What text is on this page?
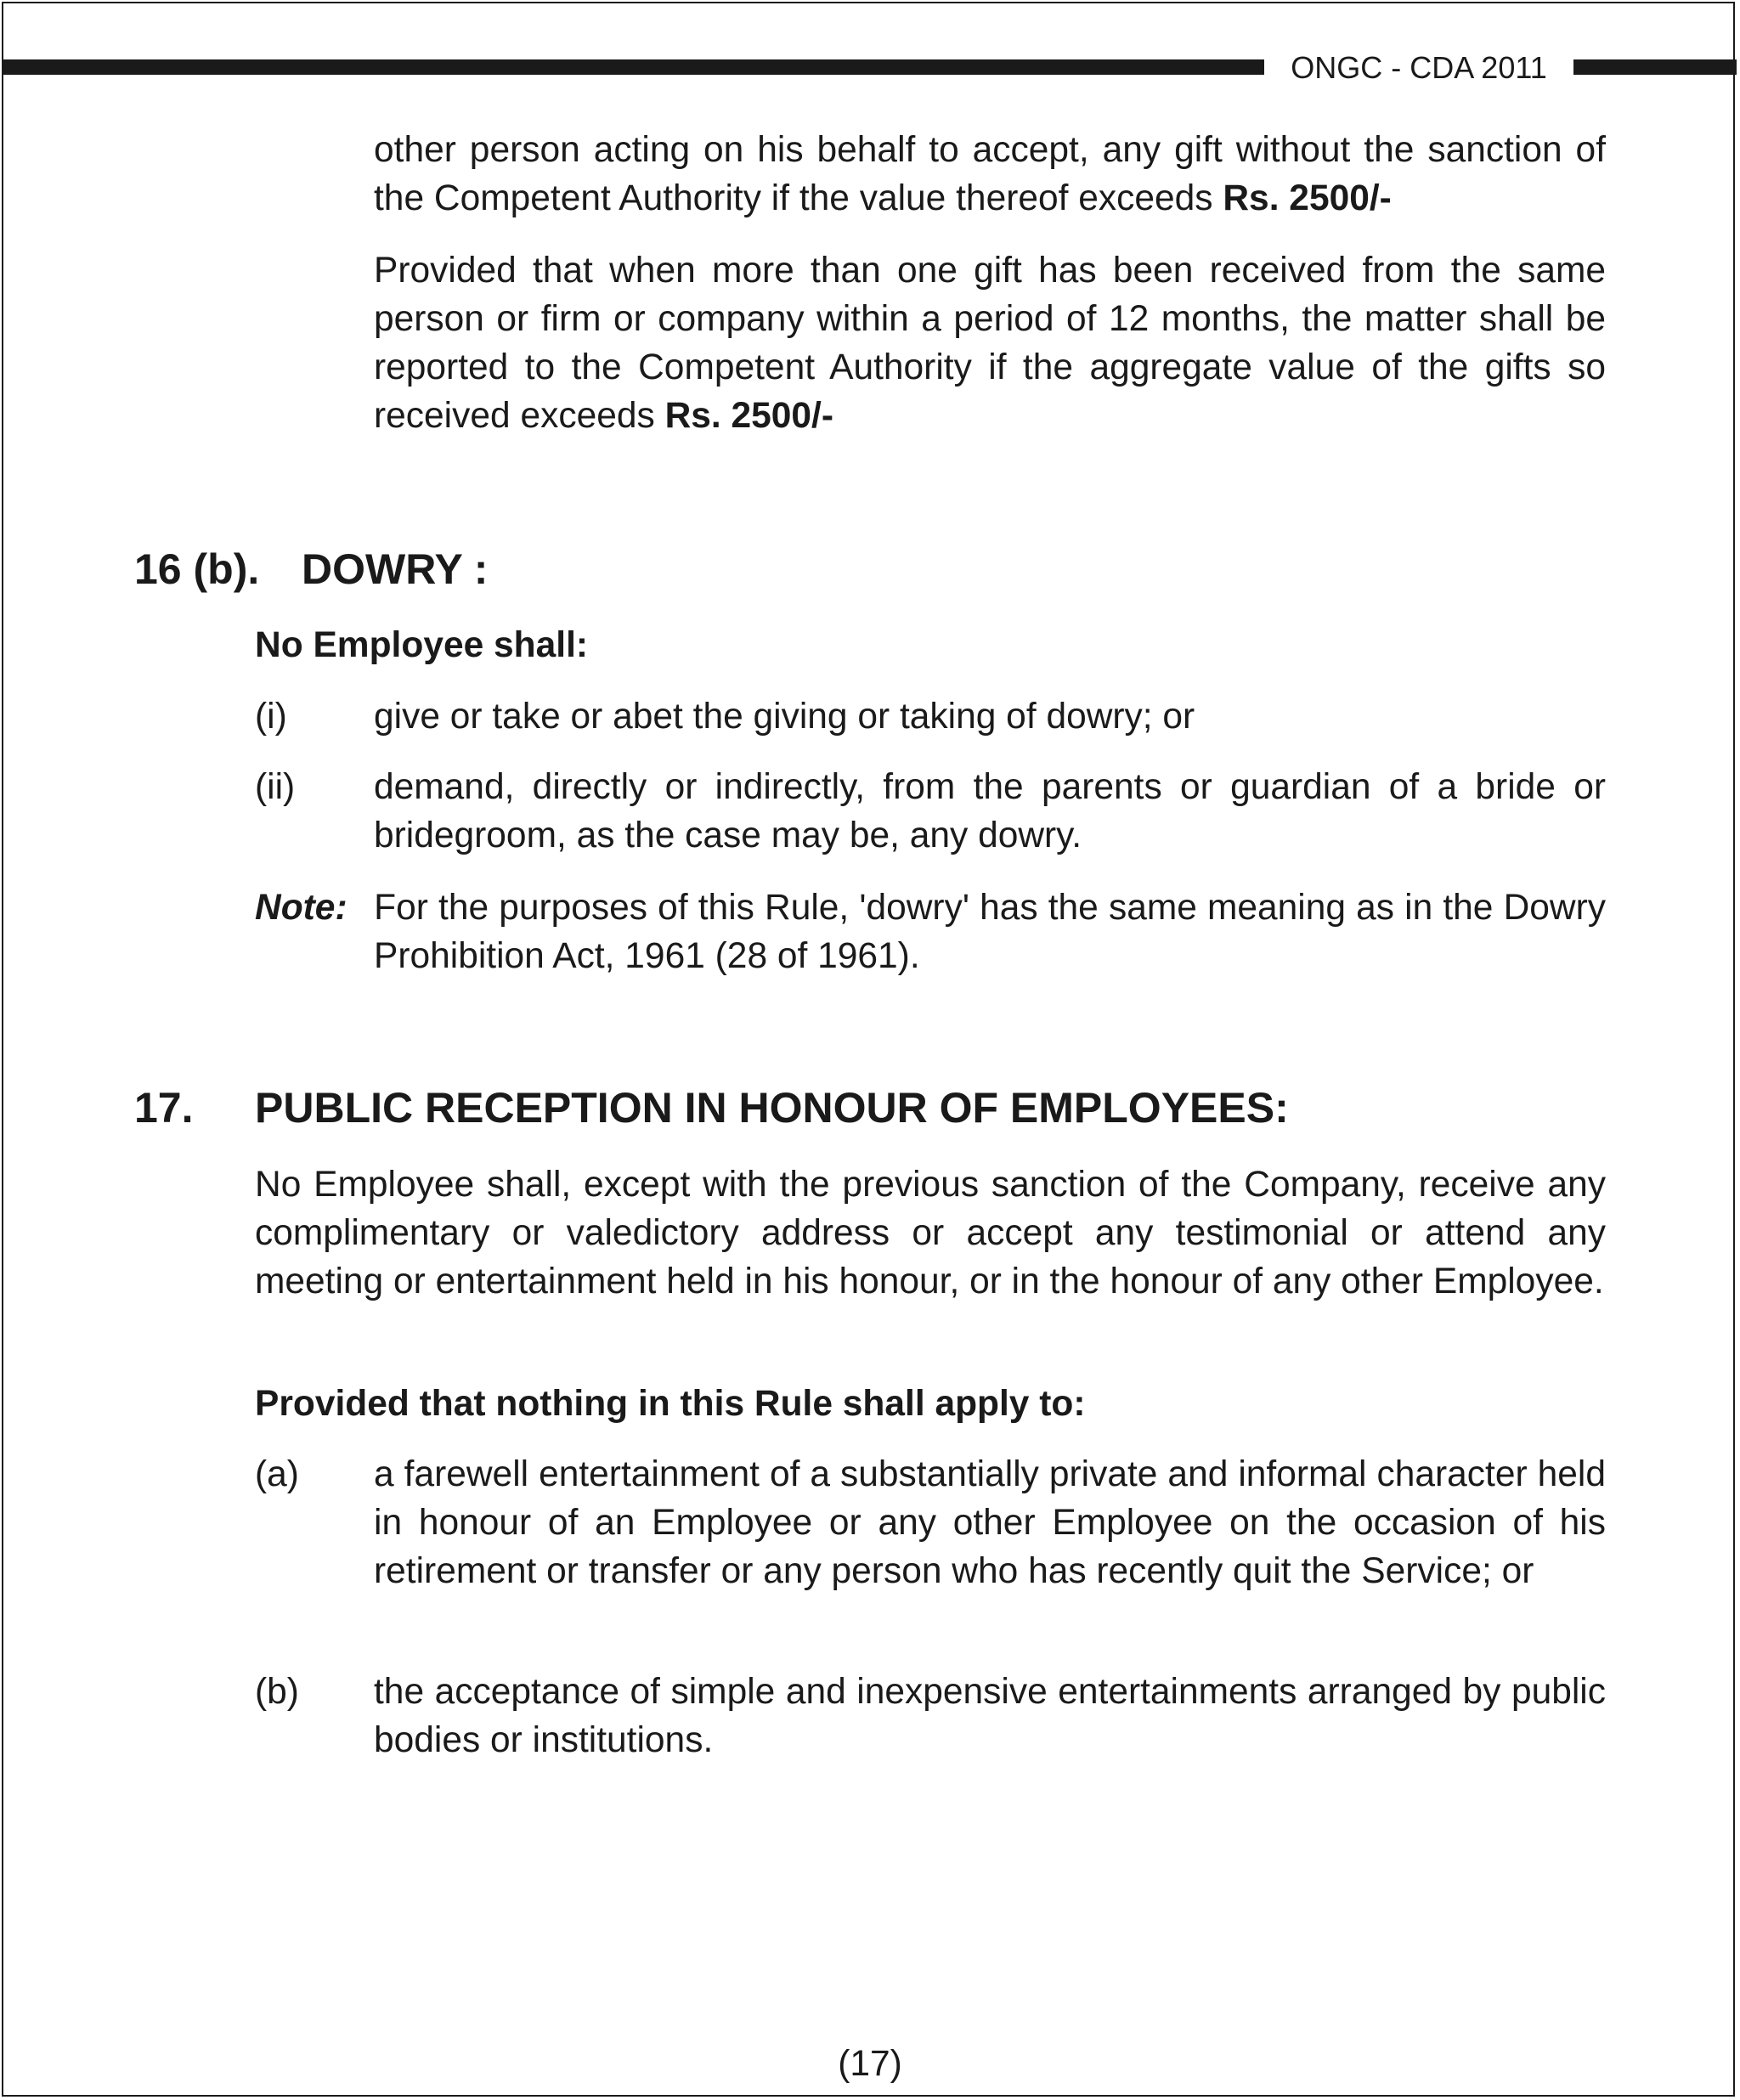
ONGC - CDA 2011

other person acting on his behalf to accept, any gift without the sanction of the Competent Authority if the value thereof exceeds Rs. 2500/-

Provided that when more than one gift has been received from the same person or firm or company within a period of 12 months, the matter shall be reported to the Competent Authority if the aggregate value of the gifts so received exceeds Rs. 2500/-

16 (b). DOWRY :

No Employee shall:

(i) give or take or abet the giving or taking of dowry; or

(ii) demand, directly or indirectly, from the parents or guardian of a bride or bridegroom, as the case may be, any dowry.

Note: For the purposes of this Rule, 'dowry' has the same meaning as in the Dowry Prohibition Act, 1961 (28 of 1961).

17. PUBLIC RECEPTION IN HONOUR OF EMPLOYEES:

No Employee shall, except with the previous sanction of the Company, receive any complimentary or valedictory address or accept any testimonial or attend any meeting or entertainment held in his honour, or in the honour of any other Employee.

Provided that nothing in this Rule shall apply to:

(a) a farewell entertainment of a substantially private and informal character held in honour of an Employee or any other Employee on the occasion of his retirement or transfer or any person who has recently quit the Service; or

(b) the acceptance of simple and inexpensive entertainments arranged by public bodies or institutions.

(17)
